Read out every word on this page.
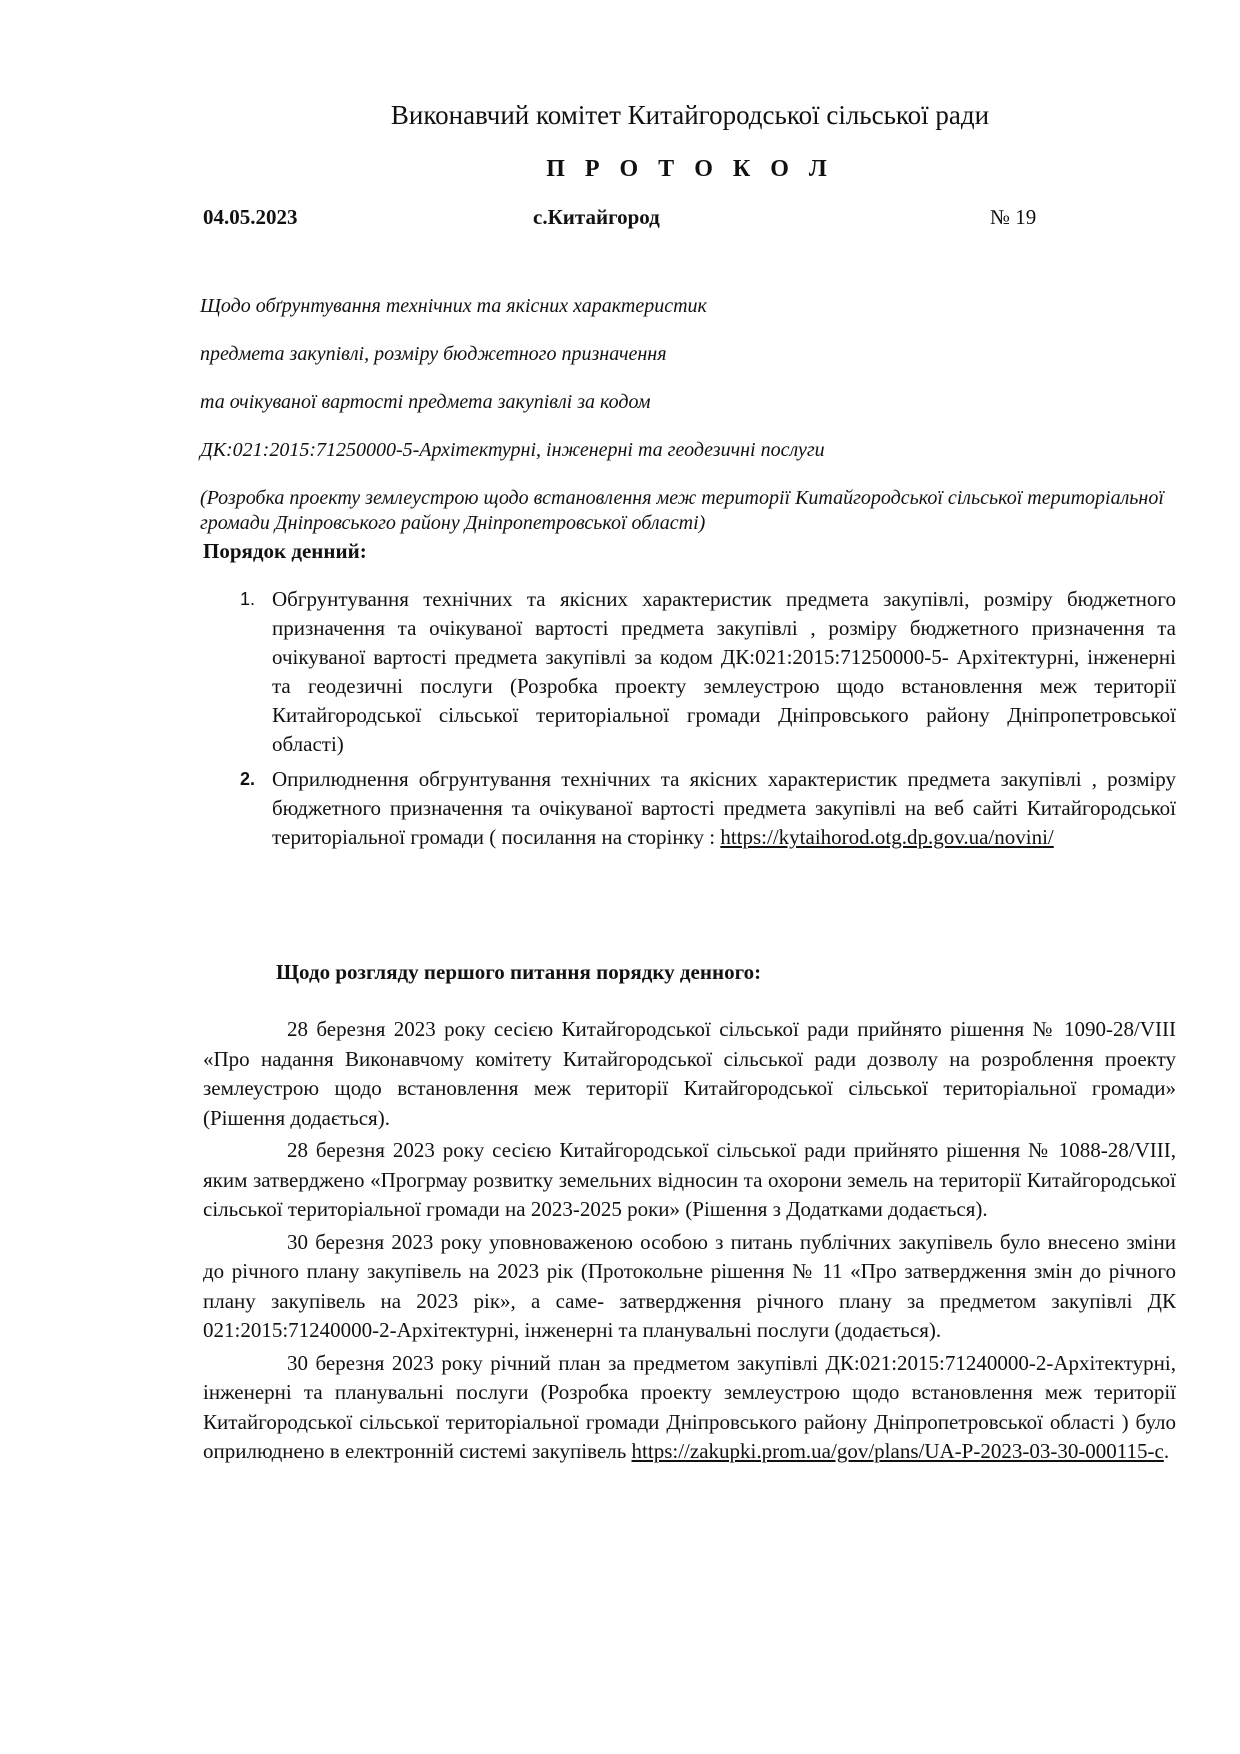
Виконавчий комітет Китайгородської сільської ради
П Р О Т О К О Л
04.05.2023	с.Китайгород	№ 19
Щодо обґрунтування технічних та якісних характеристик
предмета закупівлі, розміру бюджетного призначення
та очікуваної вартості предмета закупівлі за кодом
ДК:021:2015:71250000-5-Архітектурні, інженерні та геодезичні послуги
(Розробка проекту землеустрою щодо встановлення меж території Китайгородської сільської територіальної громади Дніпровського району Дніпропетровської області)
Порядок денний:
1. Обгрунтування технічних та якісних характеристик предмета закупівлі, розміру бюджетного призначення та очікуваної вартості предмета закупівлі , розміру бюджетного призначення та очікуваної вартості предмета закупівлі за кодом ДК:021:2015:71250000-5- Архітектурні, інженерні та геодезичні послуги (Розробка проекту землеустрою щодо встановлення меж території Китайгородської сільської територіальної громади Дніпровського району Дніпропетровської області)
2. Оприлюднення обгрунтування технічних та якісних характеристик предмета закупівлі , розміру бюджетного призначення та очікуваної вартості предмета закупівлі на веб сайті Китайгородської територіальної громади ( посилання на сторінку : https://kytaihorod.otg.dp.gov.ua/novini/
Щодо розгляду першого питання порядку денного:

28 березня 2023 року сесією Китайгородської сільської ради прийнято рішення № 1090-28/VIII «Про надання Виконавчому комітету Китайгородської сільської ради дозволу на розроблення проекту землеустрою щодо встановлення меж території Китайгородської сільської територіальної громади» (Рішення додається).

28 березня 2023 року сесією Китайгородської сільської ради прийнято рішення № 1088-28/VIII, яким затверджено «Прогрмау розвитку земельних відносин та охорони земель на території Китайгородської сільської територіальної громади на 2023-2025 роки» (Рішення з Додатками додається).

30 березня 2023 року уповноваженою особою з питань публічних закупівель було внесено зміни до річного плану закупівель на 2023 рік (Протокольне рішення № 11 «Про затвердження змін до річного плану закупівель на 2023 рік», а саме- затвердження річного плану за предметом закупівлі ДК 021:2015:71240000-2-Архітектурні, інженерні та планувальні послуги (додається).

30 березня 2023 року річний план за предметом закупівлі ДК:021:2015:71240000-2-Архітектурні, інженерні та планувальні послуги (Розробка проекту землеустрою щодо встановлення меж території Китайгородської сільської територіальної громади Дніпровського району Дніпропетровської області ) було оприлюднено в електронній системі закупівель https://zakupki.prom.ua/gov/plans/UA-P-2023-03-30-000115-c.
